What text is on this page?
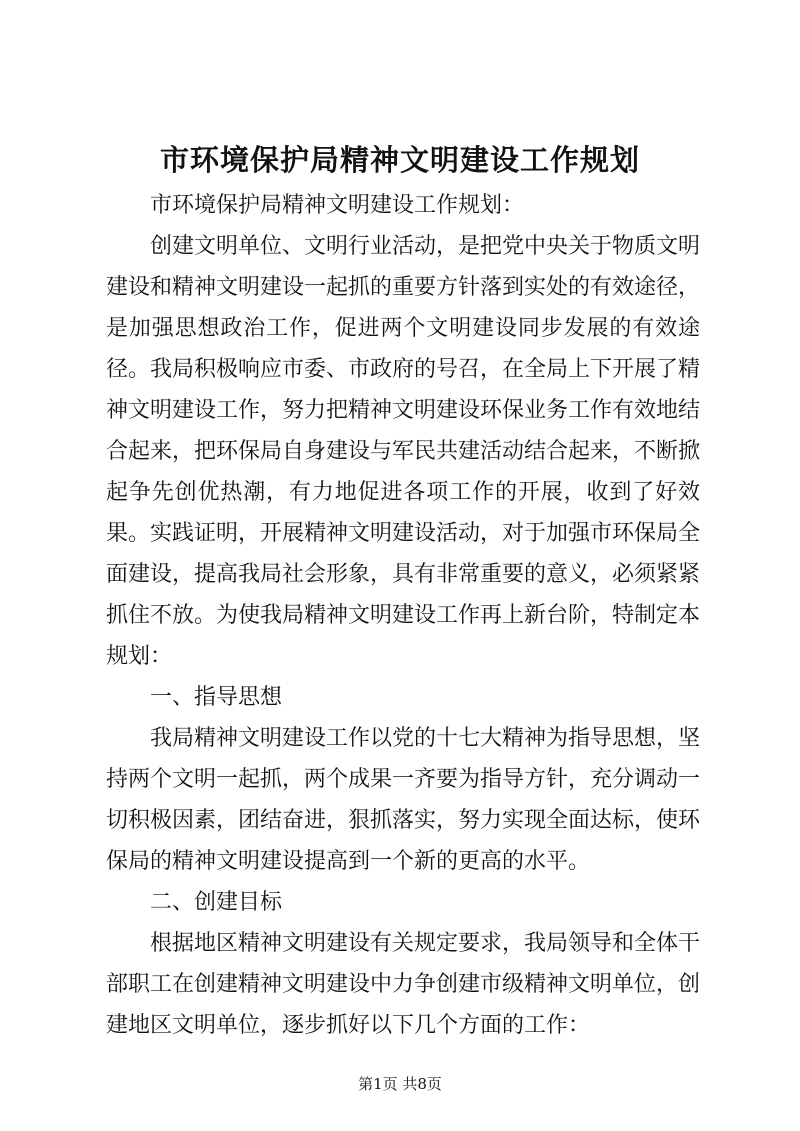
市环境保护局精神文明建设工作规划

市环境保护局精神文明建设工作规划：

创建文明单位、文明行业活动，是把党中央关于物质文明建设和精神文明建设一起抓的重要方针落到实处的有效途径，是加强思想政治工作，促进两个文明建设同步发展的有效途径。我局积极响应市委、市政府的号召，在全局上下开展了精神文明建设工作，努力把精神文明建设环保业务工作有效地结合起来，把环保局自身建设与军民共建活动结合起来，不断掀起争先创优热潮，有力地促进各项工作的开展，收到了好效果。实践证明，开展精神文明建设活动，对于加强市环保局全面建设，提高我局社会形象，具有非常重要的意义，必须紧紧抓住不放。为使我局精神文明建设工作再上新台阶，特制定本规划：

一、指导思想

我局精神文明建设工作以党的十七大精神为指导思想，坚持两个文明一起抓，两个成果一齐要为指导方针，充分调动一切积极因素，团结奋进，狠抓落实，努力实现全面达标，使环保局的精神文明建设提高到一个新的更高的水平。

二、创建目标

根据地区精神文明建设有关规定要求，我局领导和全体干部职工在创建精神文明建设中力争创建市级精神文明单位，创建地区文明单位，逐步抓好以下几个方面的工作：

第1页 共8页
